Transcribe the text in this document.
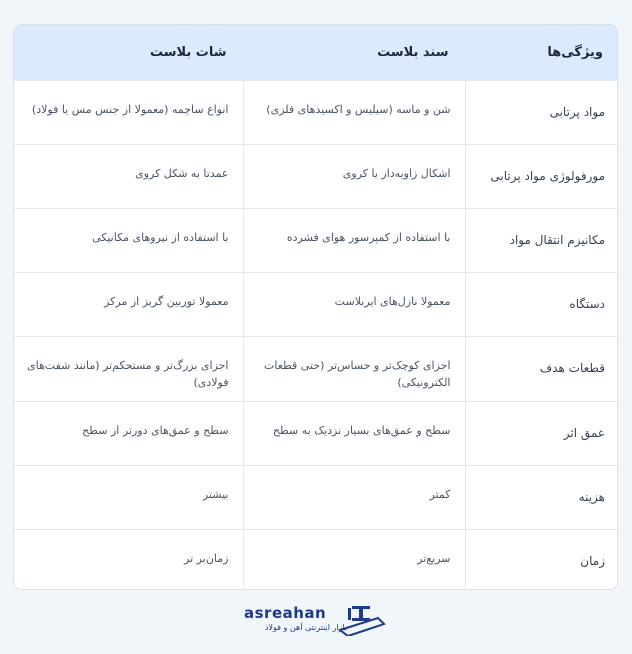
ویژگی‌ها	سند بلاست	شات بلاست
مواد پرتابی	شن و ماسه (سیلیس و اکسیدهای فلزی)	انواع ساچمه (معمولا از جنس مس یا فولاد)
مورفولوژی مواد پرتابی	اشکال زاویه‌دار یا کروی	عمدتا به شکل کروی
مکانیزم انتقال مواد	با استفاده از کمپرسور هوای فشرده	با استفاده از نیروهای مکانیکی
دستگاه	معمولا نازل‌های ایربلاست	معمولا توربین گریز از مرکز
قطعات هدف	اجزای کوچک‌تر و حساس‌تر (حتی قطعات الکترونیکی)	اجزای بزرگ‌تر و مستحکم‌تر (مانند شفت‌های فولادی)
عمق اثر	سطح و عمق‌های بسیار نزدیک به سطح	سطح و عمق‌های دورتر از سطح
هزینه	کمتر	بیشتر
زمان	سریع‌تر	زمان‌بر تر
asreahan
بازار اینترنتی آهن و فولاد
